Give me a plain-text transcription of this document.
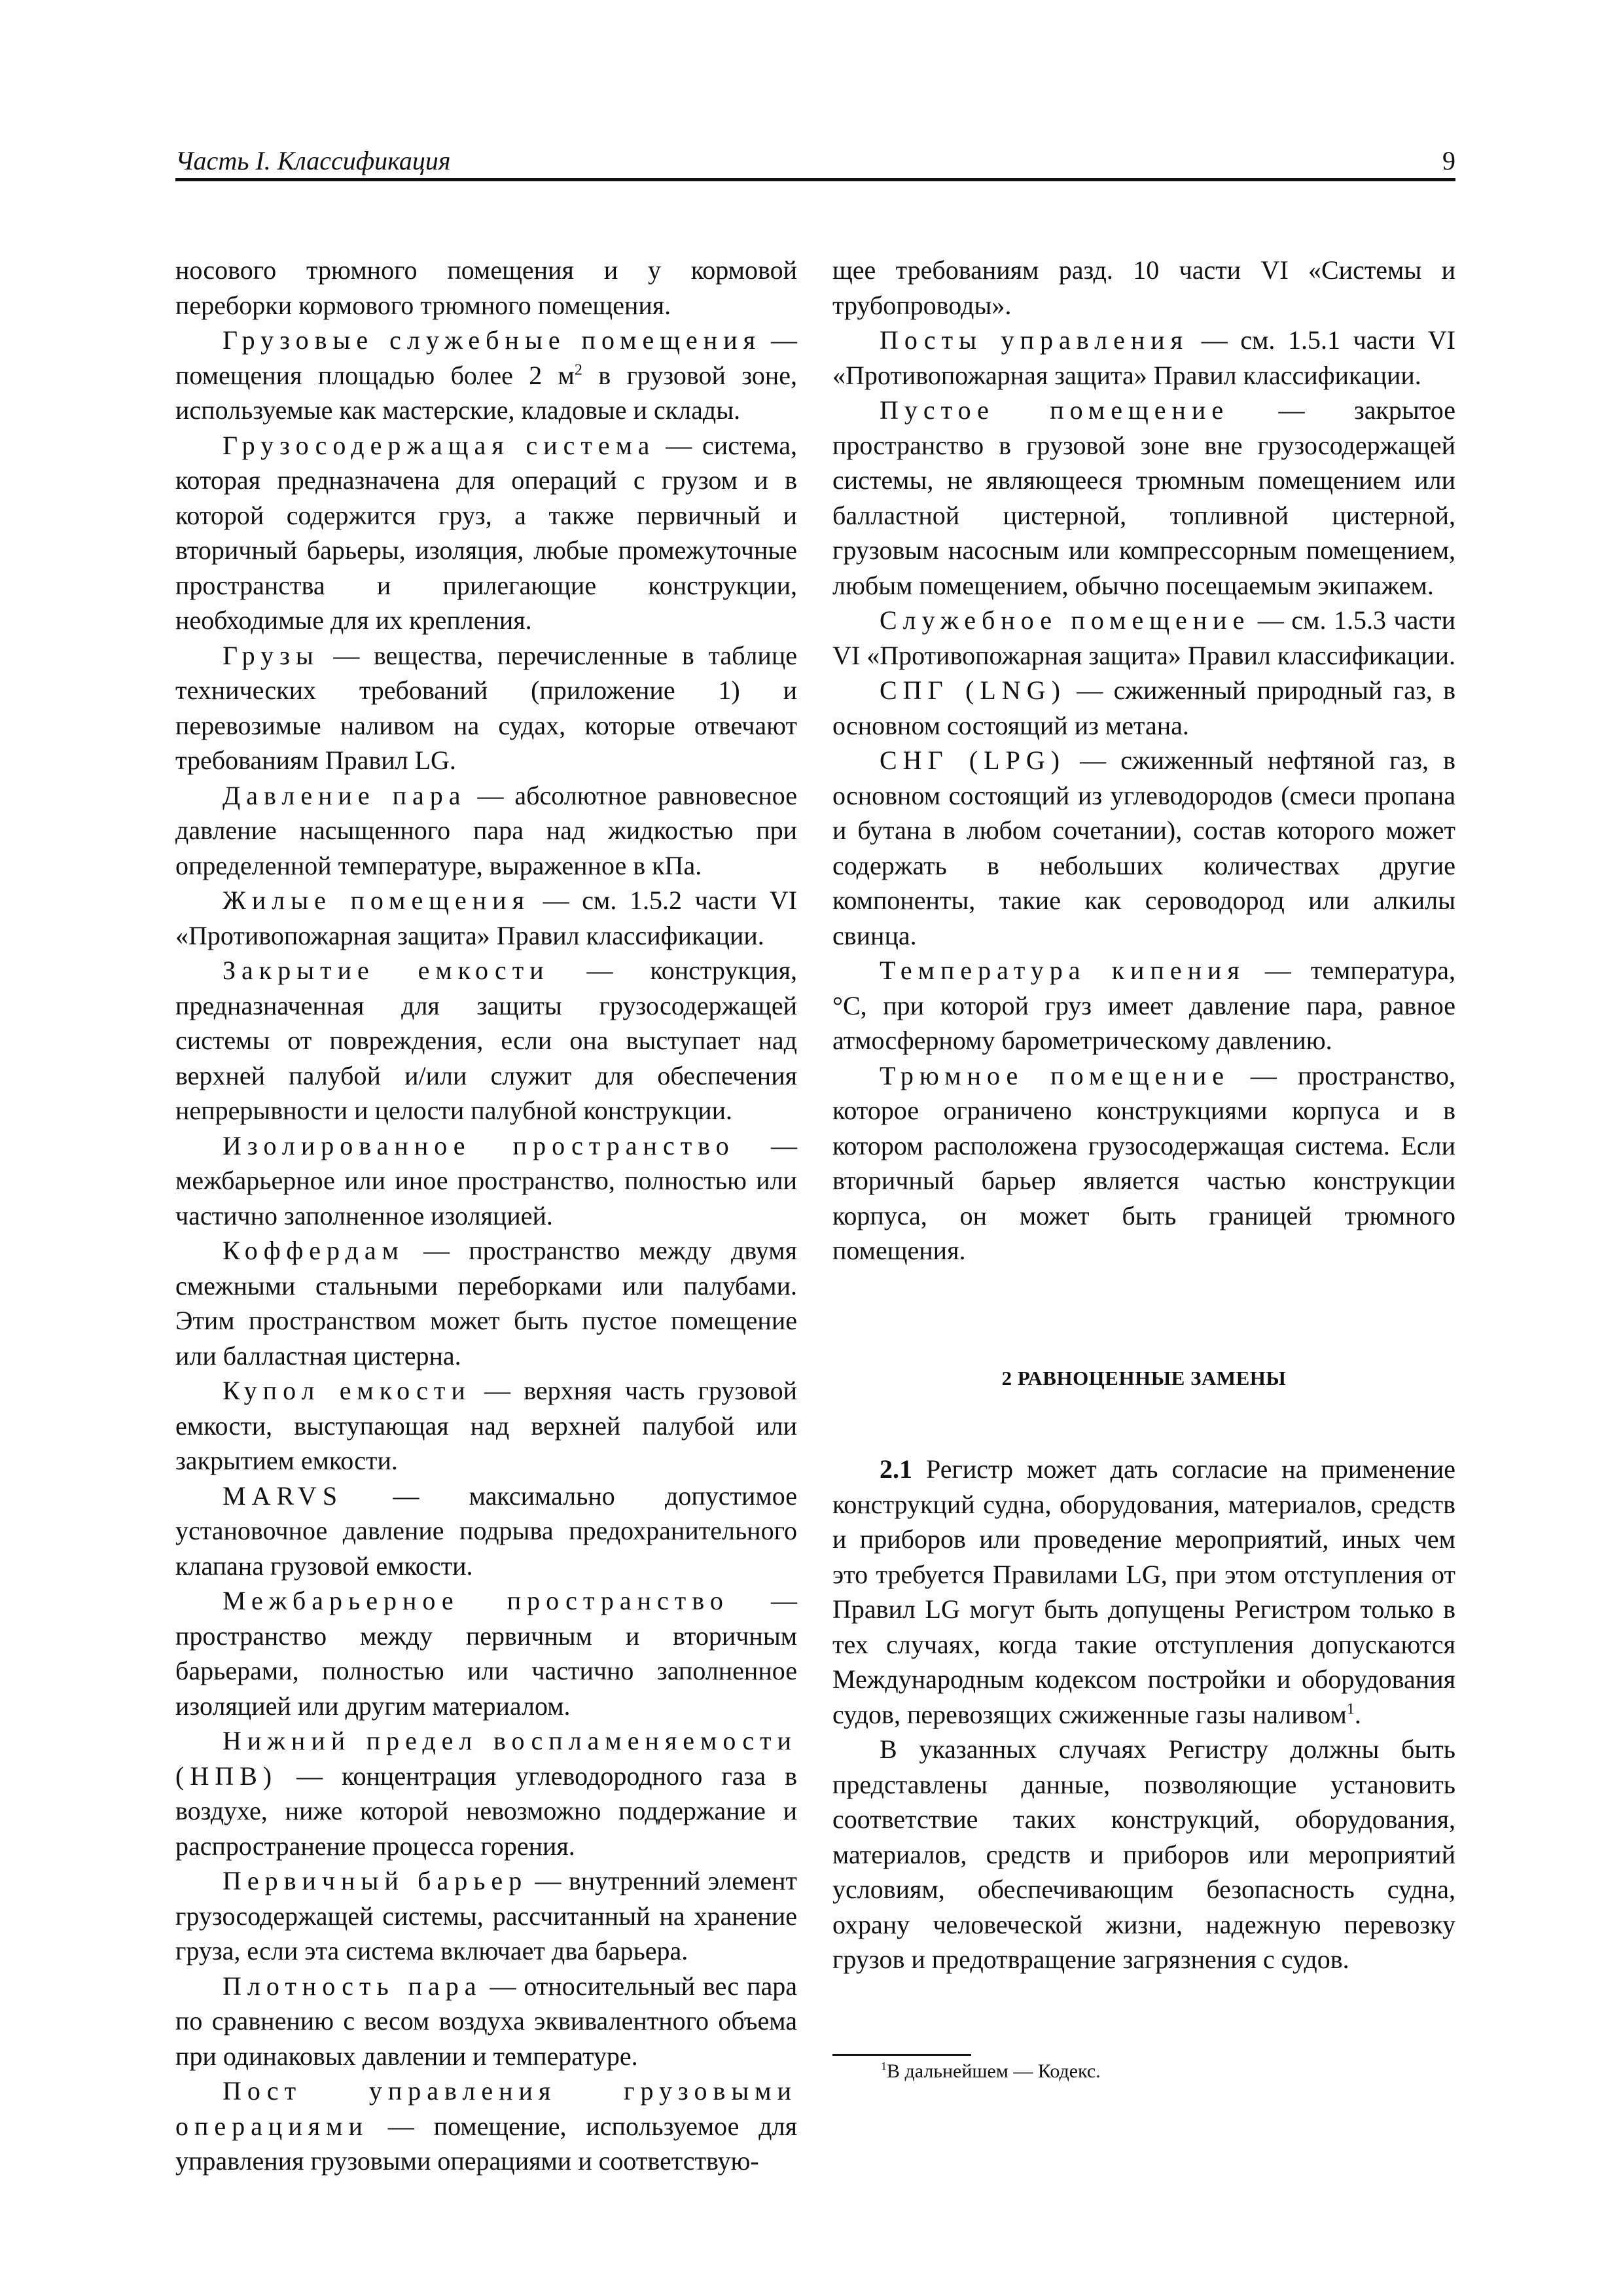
Часть I. Классификация	9

носового трюмного помещения и у кормовой переборки кормового трюмного помещения.

Грузовые служебные помещения — помещения площадью более 2 $м^2$ в грузовой зоне, используемые как мастерские, кладовые и склады.

Грузосодержащая система — система, которая предназначена для операций с грузом и в которой содержится груз, а также первичный и вторичный барьеры, изоляция, любые промежуточные пространства и прилегающие конструкции, необходимые для их крепления.

Грузы — вещества, перечисленные в таблице технических требований (приложение 1) и перевозимые наливом на судах, которые отвечают требованиям Правил LG.

Давление пара — абсолютное равновесное давление насыщенного пара над жидкостью при определенной температуре, выраженное в кПа.

Жилые помещения — см. 1.5.2 части VI «Противопожарная защита» Правил классификации.

Закрытие емкости — конструкция, предназначенная для защиты грузосодержащей системы от повреждения, если она выступает над верхней палубой и/или служит для обеспечения непрерывности и целости палубной конструкции.

Изолированное пространство — межбарьерное или иное пространство, полностью или частично заполненное изоляцией.

Коффердам — пространство между двумя смежными стальными переборками или палубами. Этим пространством может быть пустое помещение или балластная цистерна.

Купол емкости — верхняя часть грузовой емкости, выступающая над верхней палубой или закрытием емкости.

MARVS — максимально допустимое установочное давление подрыва предохранительного клапана грузовой емкости.

Межбарьерное пространство — пространство между первичным и вторичным барьерами, полностью или частично заполненное изоляцией или другим материалом.

Нижний предел воспламеняемости (НПВ) — концентрация углеводородного газа в воздухе, ниже которой невозможно поддержание и распространение процесса горения.

Первичный барьер — внутренний элемент грузосодержащей системы, рассчитанный на хранение груза, если эта система включает два барьера.

Плотность пара — относительный вес пара по сравнению с весом воздуха эквивалентного объема при одинаковых давлении и температуре.

Пост управления грузовыми операциями — помещение, используемое для управления грузовыми операциями и соответствую-

щее требованиям разд. 10 части VI «Системы и трубопроводы».

Посты управления — см. 1.5.1 части VI «Противопожарная защита» Правил классификации.

Пустое помещение — закрытое пространство в грузовой зоне вне грузосодержащей системы, не являющееся трюмным помещением или балластной цистерной, топливной цистерной, грузовым насосным или компрессорным помещением, любым помещением, обычно посещаемым экипажем.

Служебное помещение — см. 1.5.3 части VI «Противопожарная защита» Правил классификации.

СПГ (LNG) — сжиженный природный газ, в основном состоящий из метана.

СНГ (LPG) — сжиженный нефтяной газ, в основном состоящий из углеводородов (смеси пропана и бутана в любом сочетании), состав которого может содержать в небольших количествах другие компоненты, такие как сероводород или алкилы свинца.

Температура кипения — температура, °С, при которой груз имеет давление пара, равное атмосферному барометрическому давлению.

Трюмное помещение — пространство, которое ограничено конструкциями корпуса и в котором расположена грузосодержащая система. Если вторичный барьер является частью конструкции корпуса, он может быть границей трюмного помещения.

2 РАВНОЦЕННЫЕ ЗАМЕНЫ

2.1 Регистр может дать согласие на применение конструкций судна, оборудования, материалов, средств и приборов или проведение мероприятий, иных чем это требуется Правилами LG, при этом отступления от Правил LG могут быть допущены Регистром только в тех случаях, когда такие отступления допускаются Международным кодексом постройки и оборудования судов, перевозящих сжиженные газы наливом$^1$.

В указанных случаях Регистру должны быть представлены данные, позволяющие установить соответствие таких конструкций, оборудования, материалов, средств и приборов или мероприятий условиям, обеспечивающим безопасность судна, охрану человеческой жизни, надежную перевозку грузов и предотвращение загрязнения с судов.

$^1$В дальнейшем — Кодекс.
